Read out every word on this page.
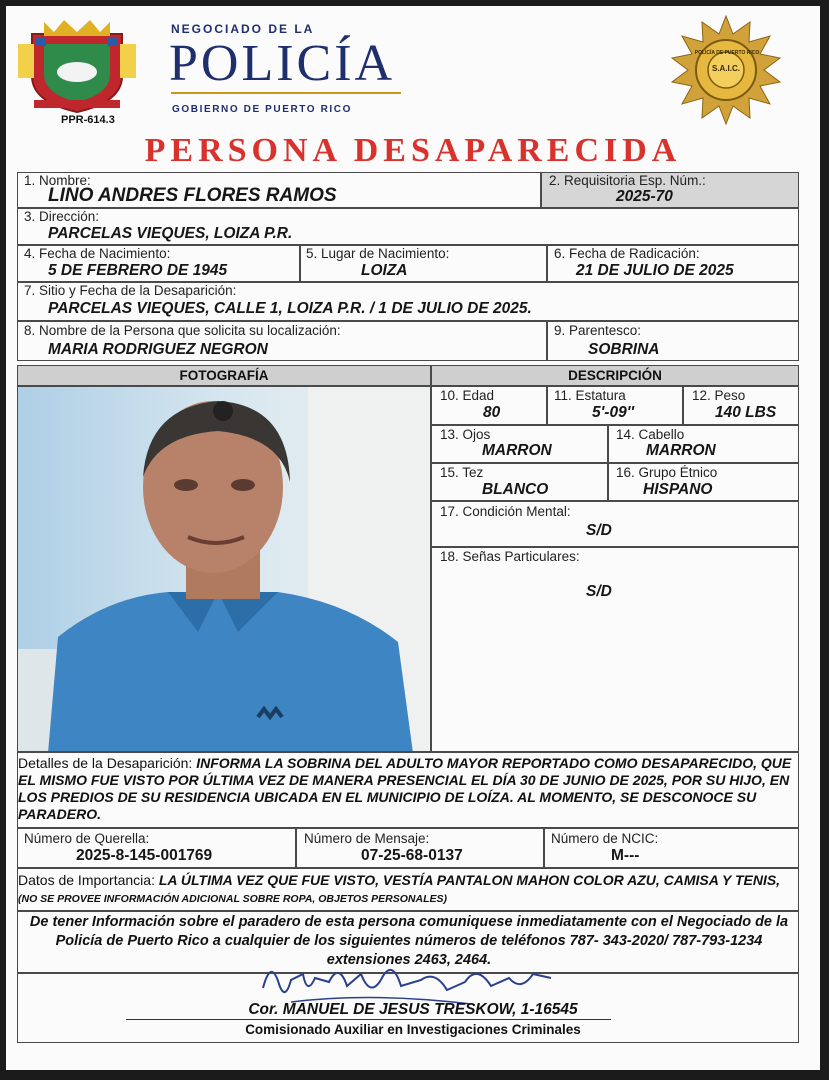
PPR-614.3
NEGOCIADO DE LA
POLICÍA
GOBIERNO DE PUERTO RICO
S.A.I.C.
POLICÍA DE PUERTO RICO
PERSONA DESAPARECIDA
1. Nombre:
LINO ANDRES FLORES RAMOS
2. Requisitoria Esp. Núm.:
2025-70
3. Dirección:
PARCELAS VIEQUES, LOIZA P.R.
4. Fecha de Nacimiento:
5 DE FEBRERO DE 1945
5. Lugar de Nacimiento:
LOIZA
6. Fecha de Radicación:
21 DE JULIO DE 2025
7. Sitio y Fecha de la Desaparición:
PARCELAS VIEQUES, CALLE 1, LOIZA P.R. / 1 DE JULIO DE 2025.
8. Nombre de la Persona que solicita su localización:
MARIA RODRIGUEZ NEGRON
9. Parentesco:
SOBRINA
FOTOGRAFÍA	DESCRIPCIÓN
10. Edad
80
11. Estatura
5'-09''
12. Peso
140 LBS
13. Ojos
MARRON
14. Cabello
MARRON
15. Tez
BLANCO
16. Grupo Étnico
HISPANO
17. Condición Mental:
S/D
18. Señas Particulares:
S/D
Detalles de la Desaparición: INFORMA LA SOBRINA DEL ADULTO MAYOR REPORTADO COMO DESAPARECIDO, QUE EL MISMO FUE VISTO POR ÚLTIMA VEZ DE MANERA PRESENCIAL EL DÍA 30 DE JUNIO DE 2025, POR SU HIJO, EN LOS PREDIOS DE SU RESIDENCIA UBICADA EN EL MUNICIPIO DE LOÍZA. AL MOMENTO, SE DESCONOCE SU PARADERO.
Número de Querella:
2025-8-145-001769
Número de Mensaje:
07-25-68-0137
Número de NCIC:
M---
Datos de Importancia: LA ÚLTIMA VEZ QUE FUE VISTO, VESTÍA PANTALON MAHON COLOR AZU, CAMISA Y TENIS, (NO SE PROVEE INFORMACIÓN ADICIONAL SOBRE ROPA, OBJETOS PERSONALES)
De tener Información sobre el paradero de esta persona comuniquese inmediatamente con el Negociado de la Policía de Puerto Rico a cualquier de los siguientes números de teléfonos 787- 343-2020/ 787-793-1234 extensiones 2463, 2464.
Cor. MANUEL DE JESUS TRESKOW, 1-16545
Comisionado Auxiliar en Investigaciones Criminales
